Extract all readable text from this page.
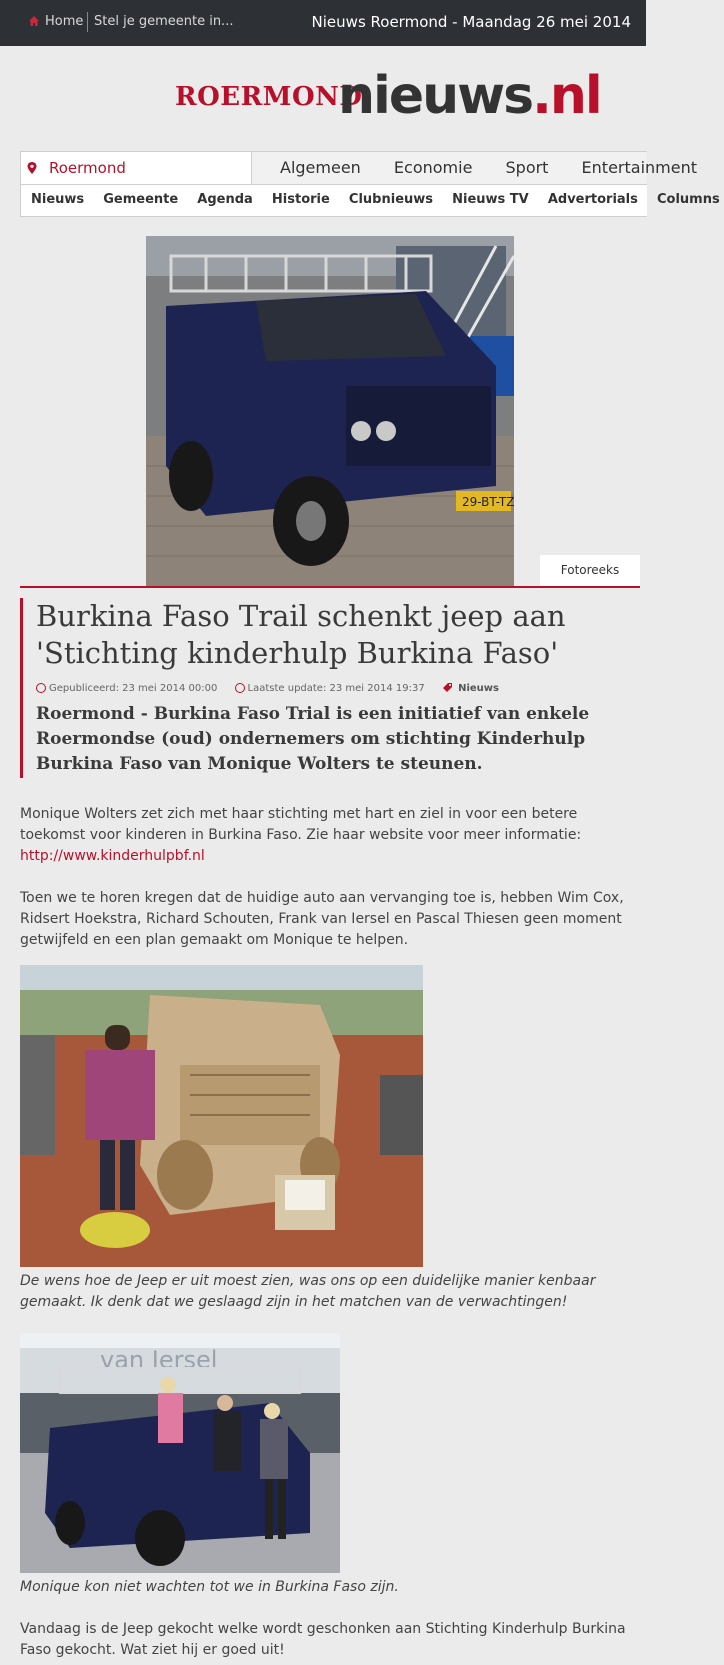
Home Stel je gemeente in...	Nieuws Roermond - Maandag 26 mei 2014
ROERMOND
nieuws.nl
Roermond	Algemeen Economie Sport Entertainment
Nieuws Gemeente Agenda Historie Clubnieuws Nieuws TV Advertorials Columns
29-BT-TZ
Fotoreeks
Burkina Faso Trail schenkt jeep aan 'Stichting kinderhulp Burkina Faso'
Gepubliceerd: 23 mei 2014 00:00	Laatste update: 23 mei 2014 19:37	Nieuws
Roermond - Burkina Faso Trial is een initiatief van enkele Roermondse (oud) ondernemers om stichting Kinderhulp Burkina Faso van Monique Wolters te steunen.
Monique Wolters zet zich met haar stichting met hart en ziel in voor een betere toekomst voor kinderen in Burkina Faso. Zie haar website voor meer informatie:
http://www.kinderhulpbf.nl
Toen we te horen kregen dat de huidige auto aan vervanging toe is, hebben Wim Cox, Ridsert Hoekstra, Richard Schouten, Frank van Iersel en Pascal Thiesen geen moment getwijfeld en een plan gemaakt om Monique te helpen.
De wens hoe de Jeep er uit moest zien, was ons op een duidelijke manier kenbaar gemaakt. Ik denk dat we geslaagd zijn in het matchen van de verwachtingen!
van Iersel
Monique kon niet wachten tot we in Burkina Faso zijn.
Vandaag is de Jeep gekocht welke wordt geschonken aan Stichting Kinderhulp Burkina Faso gekocht. Wat ziet hij er goed uit!
